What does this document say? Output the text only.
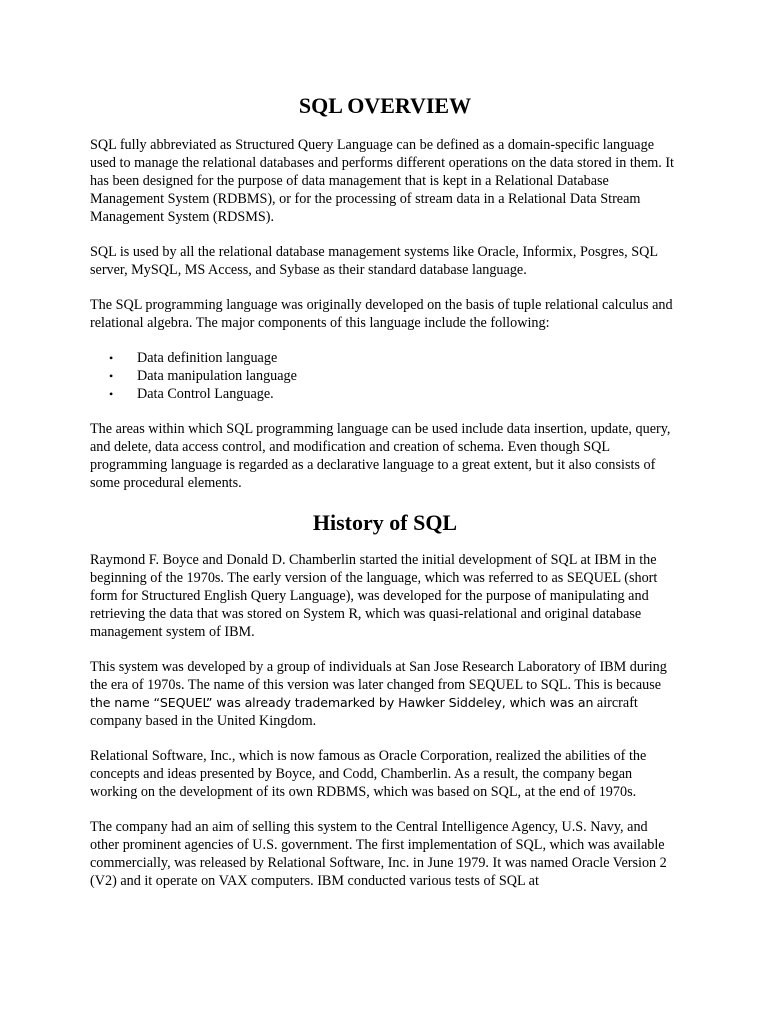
SQL OVERVIEW

SQL fully abbreviated as Structured Query Language can be defined as a domain-specific language used to manage the relational databases and performs different operations on the data stored in them. It has been designed for the purpose of data management that is kept in a Relational Database Management System (RDBMS), or for the processing of stream data in a Relational Data Stream Management System (RDSMS).

SQL is used by all the relational database management systems like Oracle, Informix, Posgres, SQL server, MySQL, MS Access, and Sybase as their standard database language.

The SQL programming language was originally developed on the basis of tuple relational calculus and relational algebra. The major components of this language include the following:

• Data definition language
• Data manipulation language
• Data Control Language.

The areas within which SQL programming language can be used include data insertion, update, query, and delete, data access control, and modification and creation of schema. Even though SQL programming language is regarded as a declarative language to a great extent, but it also consists of some procedural elements.

History of SQL

Raymond F. Boyce and Donald D. Chamberlin started the initial development of SQL at IBM in the beginning of the 1970s. The early version of the language, which was referred to as SEQUEL (short form for Structured English Query Language), was developed for the purpose of manipulating and retrieving the data that was stored on System R, which was quasi-relational and original database management system of IBM.

This system was developed by a group of individuals at San Jose Research Laboratory of IBM during the era of 1970s. The name of this version was later changed from SEQUEL to SQL. This is because the name “SEQUEL” was already trademarked by Hawker Siddeley, which was an aircraft company based in the United Kingdom.

Relational Software, Inc., which is now famous as Oracle Corporation, realized the abilities of the concepts and ideas presented by Boyce, and Codd, Chamberlin. As a result, the company began working on the development of its own RDBMS, which was based on SQL, at the end of 1970s.

The company had an aim of selling this system to the Central Intelligence Agency, U.S. Navy, and other prominent agencies of U.S. government. The first implementation of SQL, which was available commercially, was released by Relational Software, Inc. in June 1979. It was named Oracle Version 2 (V2) and it operate on VAX computers. IBM conducted various tests of SQL at
